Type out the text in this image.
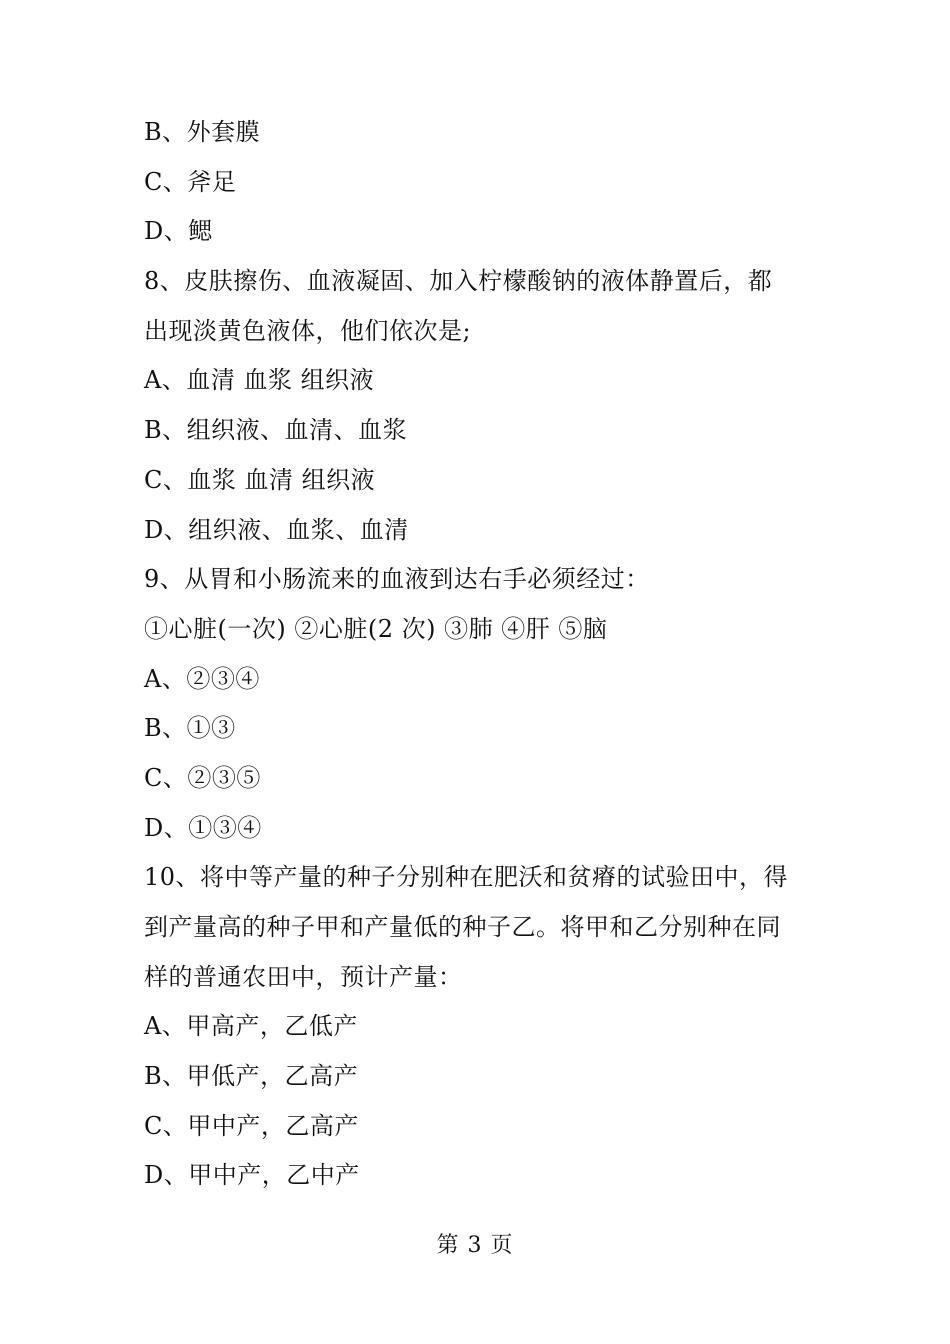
B、外套膜
C、斧足
D、鳃
8、皮肤擦伤、血液凝固、加入柠檬酸钠的液体静置后，都
出现淡黄色液体，他们依次是;
A、血清 血浆 组织液
B、组织液、血清、血浆
C、血浆 血清 组织液
D、组织液、血浆、血清
9、从胃和小肠流来的血液到达右手必须经过：
①心脏(一次) ②心脏(2 次) ③肺 ④肝 ⑤脑
A、②③④
B、①③
C、②③⑤
D、①③④
10、将中等产量的种子分别种在肥沃和贫瘠的试验田中，得
到产量高的种子甲和产量低的种子乙。将甲和乙分别种在同
样的普通农田中，预计产量：
A、甲高产，乙低产
B、甲低产，乙高产
C、甲中产，乙高产
D、甲中产，乙中产
第 3 页
